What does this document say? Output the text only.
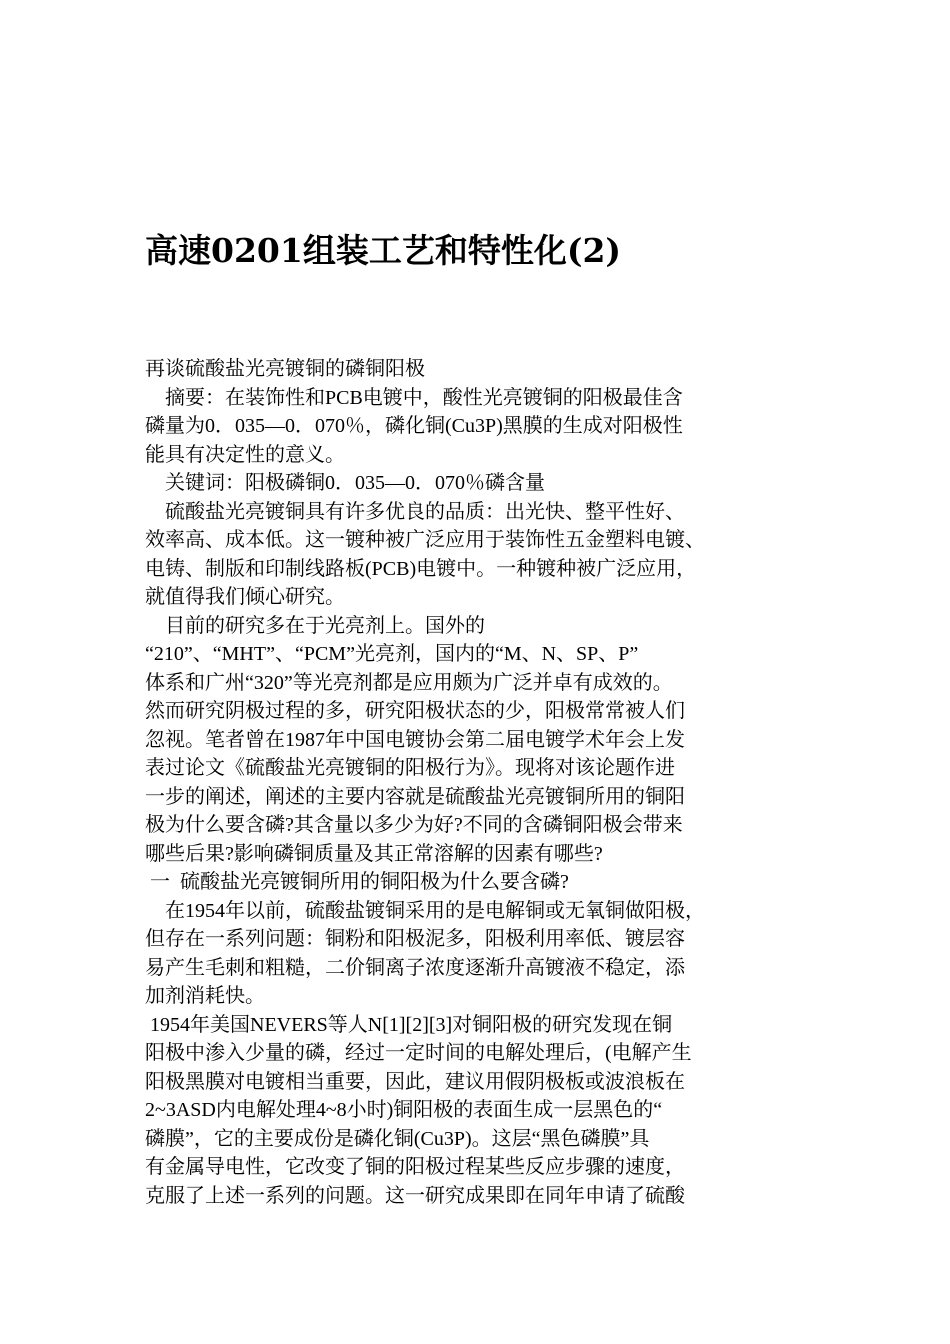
高速0201组装工艺和特性化(2)
再谈硫酸盐光亮镀铜的磷铜阳极
　摘要：在装饰性和PCB电镀中，酸性光亮镀铜的阳极最佳含
磷量为0．035—0．070％，磷化铜(Cu3P)黑膜的生成对阳极性
能具有决定性的意义。
　关键词：阳极磷铜0．035—0．070％磷含量
　硫酸盐光亮镀铜具有许多优良的品质：出光快、整平性好、
效率高、成本低。这一镀种被广泛应用于装饰性五金塑料电镀、
电铸、制版和印制线路板(PCB)电镀中。一种镀种被广泛应用，
就值得我们倾心研究。
　目前的研究多在于光亮剂上。国外的
“210”、“MHT”、“PCM”光亮剂，国内的“M、N、SP、P”
体系和广州“320”等光亮剂都是应用颇为广泛并卓有成效的。
然而研究阴极过程的多，研究阳极状态的少，阳极常常被人们
忽视。笔者曾在1987年中国电镀协会第二届电镀学术年会上发
表过论文《硫酸盐光亮镀铜的阳极行为》。现将对该论题作进
一步的阐述，阐述的主要内容就是硫酸盐光亮镀铜所用的铜阳
极为什么要含磷?其含量以多少为好?不同的含磷铜阳极会带来
哪些后果?影响磷铜质量及其正常溶解的因素有哪些?
一  硫酸盐光亮镀铜所用的铜阳极为什么要含磷?
　在1954年以前，硫酸盐镀铜采用的是电解铜或无氧铜做阳极，
但存在一系列问题：铜粉和阳极泥多，阳极利用率低、镀层容
易产生毛刺和粗糙，二价铜离子浓度逐渐升高镀液不稳定，添
加剂消耗快。
1954年美国NEVERS等人N[1][2][3]对铜阳极的研究发现在铜
阳极中渗入少量的磷，经过一定时间的电解处理后，(电解产生
阳极黑膜对电镀相当重要，因此，建议用假阴极板或波浪板在
2~3ASD内电解处理4~8小时)铜阳极的表面生成一层黑色的“
磷膜”，它的主要成份是磷化铜(Cu3P)。这层“黑色磷膜”具
有金属导电性，它改变了铜的阳极过程某些反应步骤的速度，
克服了上述一系列的问题。这一研究成果即在同年申请了硫酸
